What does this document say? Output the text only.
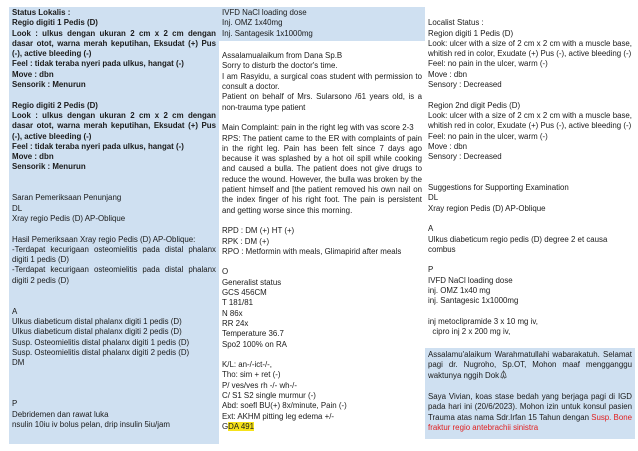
Status Lokalis :
Regio digiti 1 Pedis (D)
Look : ulkus dengan ukuran 2 cm x 2 cm dengan dasar otot, warna merah keputihan, Eksudat (+) Pus (-), active bleeding (-)
Feel : tidak teraba nyeri pada ulkus, hangat (-)
Move : dbn
Sensorik : Menurun
Regio digiti 2 Pedis (D)
Look : ulkus dengan ukuran 2 cm x 2 cm dengan dasar otot, warna merah keputihan, Eksudat (+) Pus (-), active bleeding (-)
Feel : tidak teraba nyeri pada ulkus, hangat (-)
Move : dbn
Sensorik : Menurun
Saran Pemeriksaan Penunjang
DL
Xray regio Pedis (D) AP-Oblique
Hasil Pemeriksaan Xray regio Pedis (D) AP-Oblique:
-Terdapat kecurigaan osteomielitis pada distal phalanx digiti 1 pedis (D)
-Terdapat kecurigaan osteomielitis pada distal phalanx digiti 2 pedis (D)
A
Ulkus diabeticum distal phalanx digiti 1 pedis (D)
Ulkus diabeticum distal phalanx digiti 2 pedis (D)
Susp. Osteomielitis distal phalanx digiti 1 pedis (D)
Susp. Osteomielitis distal phalanx digiti 2 pedis (D)
DM
P
Debridemen dan rawat luka
nsulin 10iu iv bolus pelan, drip insulin 5iu/jam
IVFD NaCl loading dose
Inj. OMZ 1x40mg
Inj. Santagesik 1x1000mg
Assalamualaikum from Dana Sp.B
Sorry to disturb the doctor's time.
I am Rasyidu, a surgical coas student with permission to consult a doctor.
Patient on behalf of Mrs. Sularsono /61 years old, is a non-trauma type patient
Main Complaint: pain in the right leg with vas score 2-3
RPS: The patient came to the ER with complaints of pain in the right leg. Pain has been felt since 7 days ago because it was splashed by a hot oil spill while cooking and caused a bulla. The patient does not give drugs to reduce the wound. However, the bulla was broken by the patient himself and [the patient removed his own nail on the index finger of his right foot. The pain is persistent and getting worse since this morning.
RPD : DM (+) HT (+)
RPK : DM (+)
RPO : Metformin with meals, Glimapirid after meals
O
Generalist status
GCS 456CM
T 181/81
N 86x
RR 24x
Temperature 36.7
Spo2 100% on RA
K/L: an-/-ict-/-,
Tho: sim + ret (-)
P/ ves/ves rh -/- wh-/-
C/ S1 S2 single murmur (-)
Abd: soefl BU(+) 8x/minute, Pain (-)
Ext: AKHM pitting leg edema +/-
GDA 491
Localist Status :
Region digiti 1 Pedis (D)
Look: ulcer with a size of 2 cm x 2 cm with a muscle base, whitish red in color, Exudate (+) Pus (-), active bleeding (-)
Feel: no pain in the ulcer, warm (-)
Move : dbn
Sensory : Decreased
Region 2nd digit Pedis (D)
Look: ulcer with a size of 2 cm x 2 cm with a muscle base, whitish red in color, Exudate (+) Pus (-), active bleeding (-)
Feel: no pain in the ulcer, warm (-)
Move : dbn
Sensory : Decreased
Suggestions for Supporting Examination
DL
Xray region Pedis (D) AP-Oblique
A
Ulkus diabeticum regio pedis (D) degree 2 et causa combus
P
IVFD NaCl loading dose
inj. OMZ 1x40 mg
inj. Santagesic 1x1000mg
inj metoclipramide 3 x 10 mg iv,
cipro inj 2 x 200 mg iv,
Assalamu'alaikum Warahmatullahi wabarakatuh. Selamat pagi dr. Nugroho, Sp.OT, Mohon maaf mengganggu waktunya nggih Dok
Saya Vivian, koas stase bedah yang berjaga pagi di IGD pada hari ini (20/6/2023). Mohon izin untuk konsul pasien Trauma atas nama Sdr.Irfan 15 Tahun dengan Susp. Bone fraktur regio antebrachii sinistra
